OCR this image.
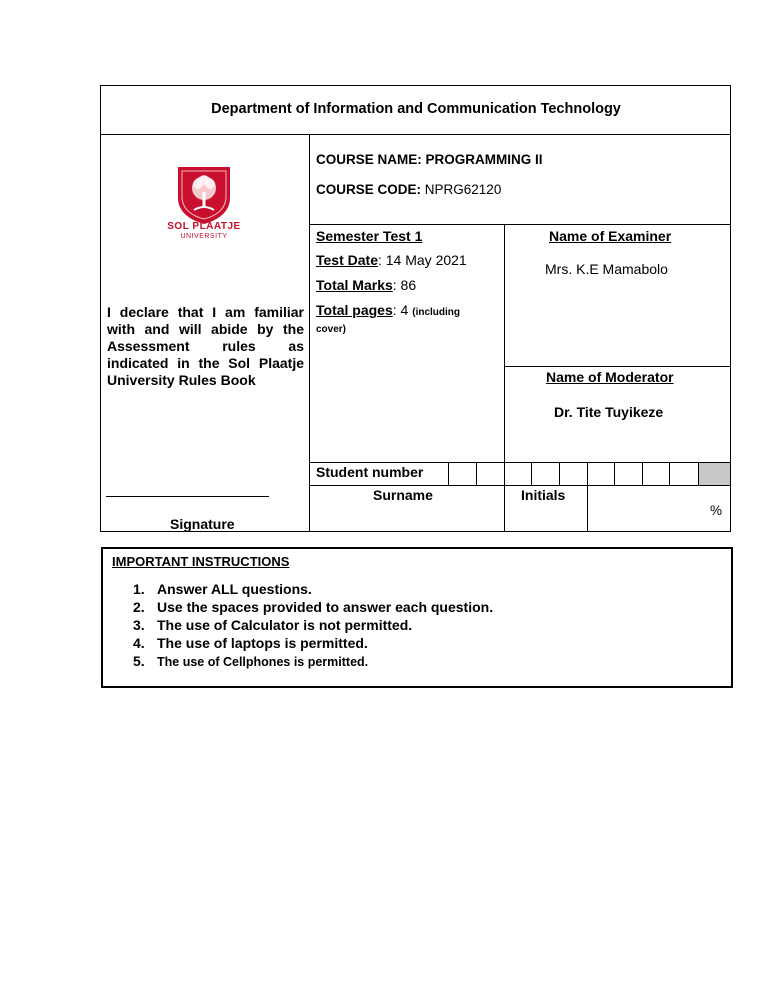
Department of Information and Communication Technology
SOL PLAATJE
UNIVERSITY
COURSE NAME: PROGRAMMING II
COURSE CODE: NPRG62120
Semester Test 1
Test Date: 14 May 2021
Total Marks: 86
Total pages: 4 (including
cover)
Name of Examiner
Mrs. K.E Mamabolo
Name of Moderator
Dr. Tite Tuyikeze
I declare that I am familiar with and will abide by the Assessment rules as indicated in the Sol Plaatje University Rules Book
Student number
Surname	Initials
%
Signature
IMPORTANT INSTRUCTIONS
1. Answer ALL questions.
2. Use the spaces provided to answer each question.
3. The use of Calculator is not permitted.
4. The use of laptops is permitted.
5. The use of Cellphones is permitted.
